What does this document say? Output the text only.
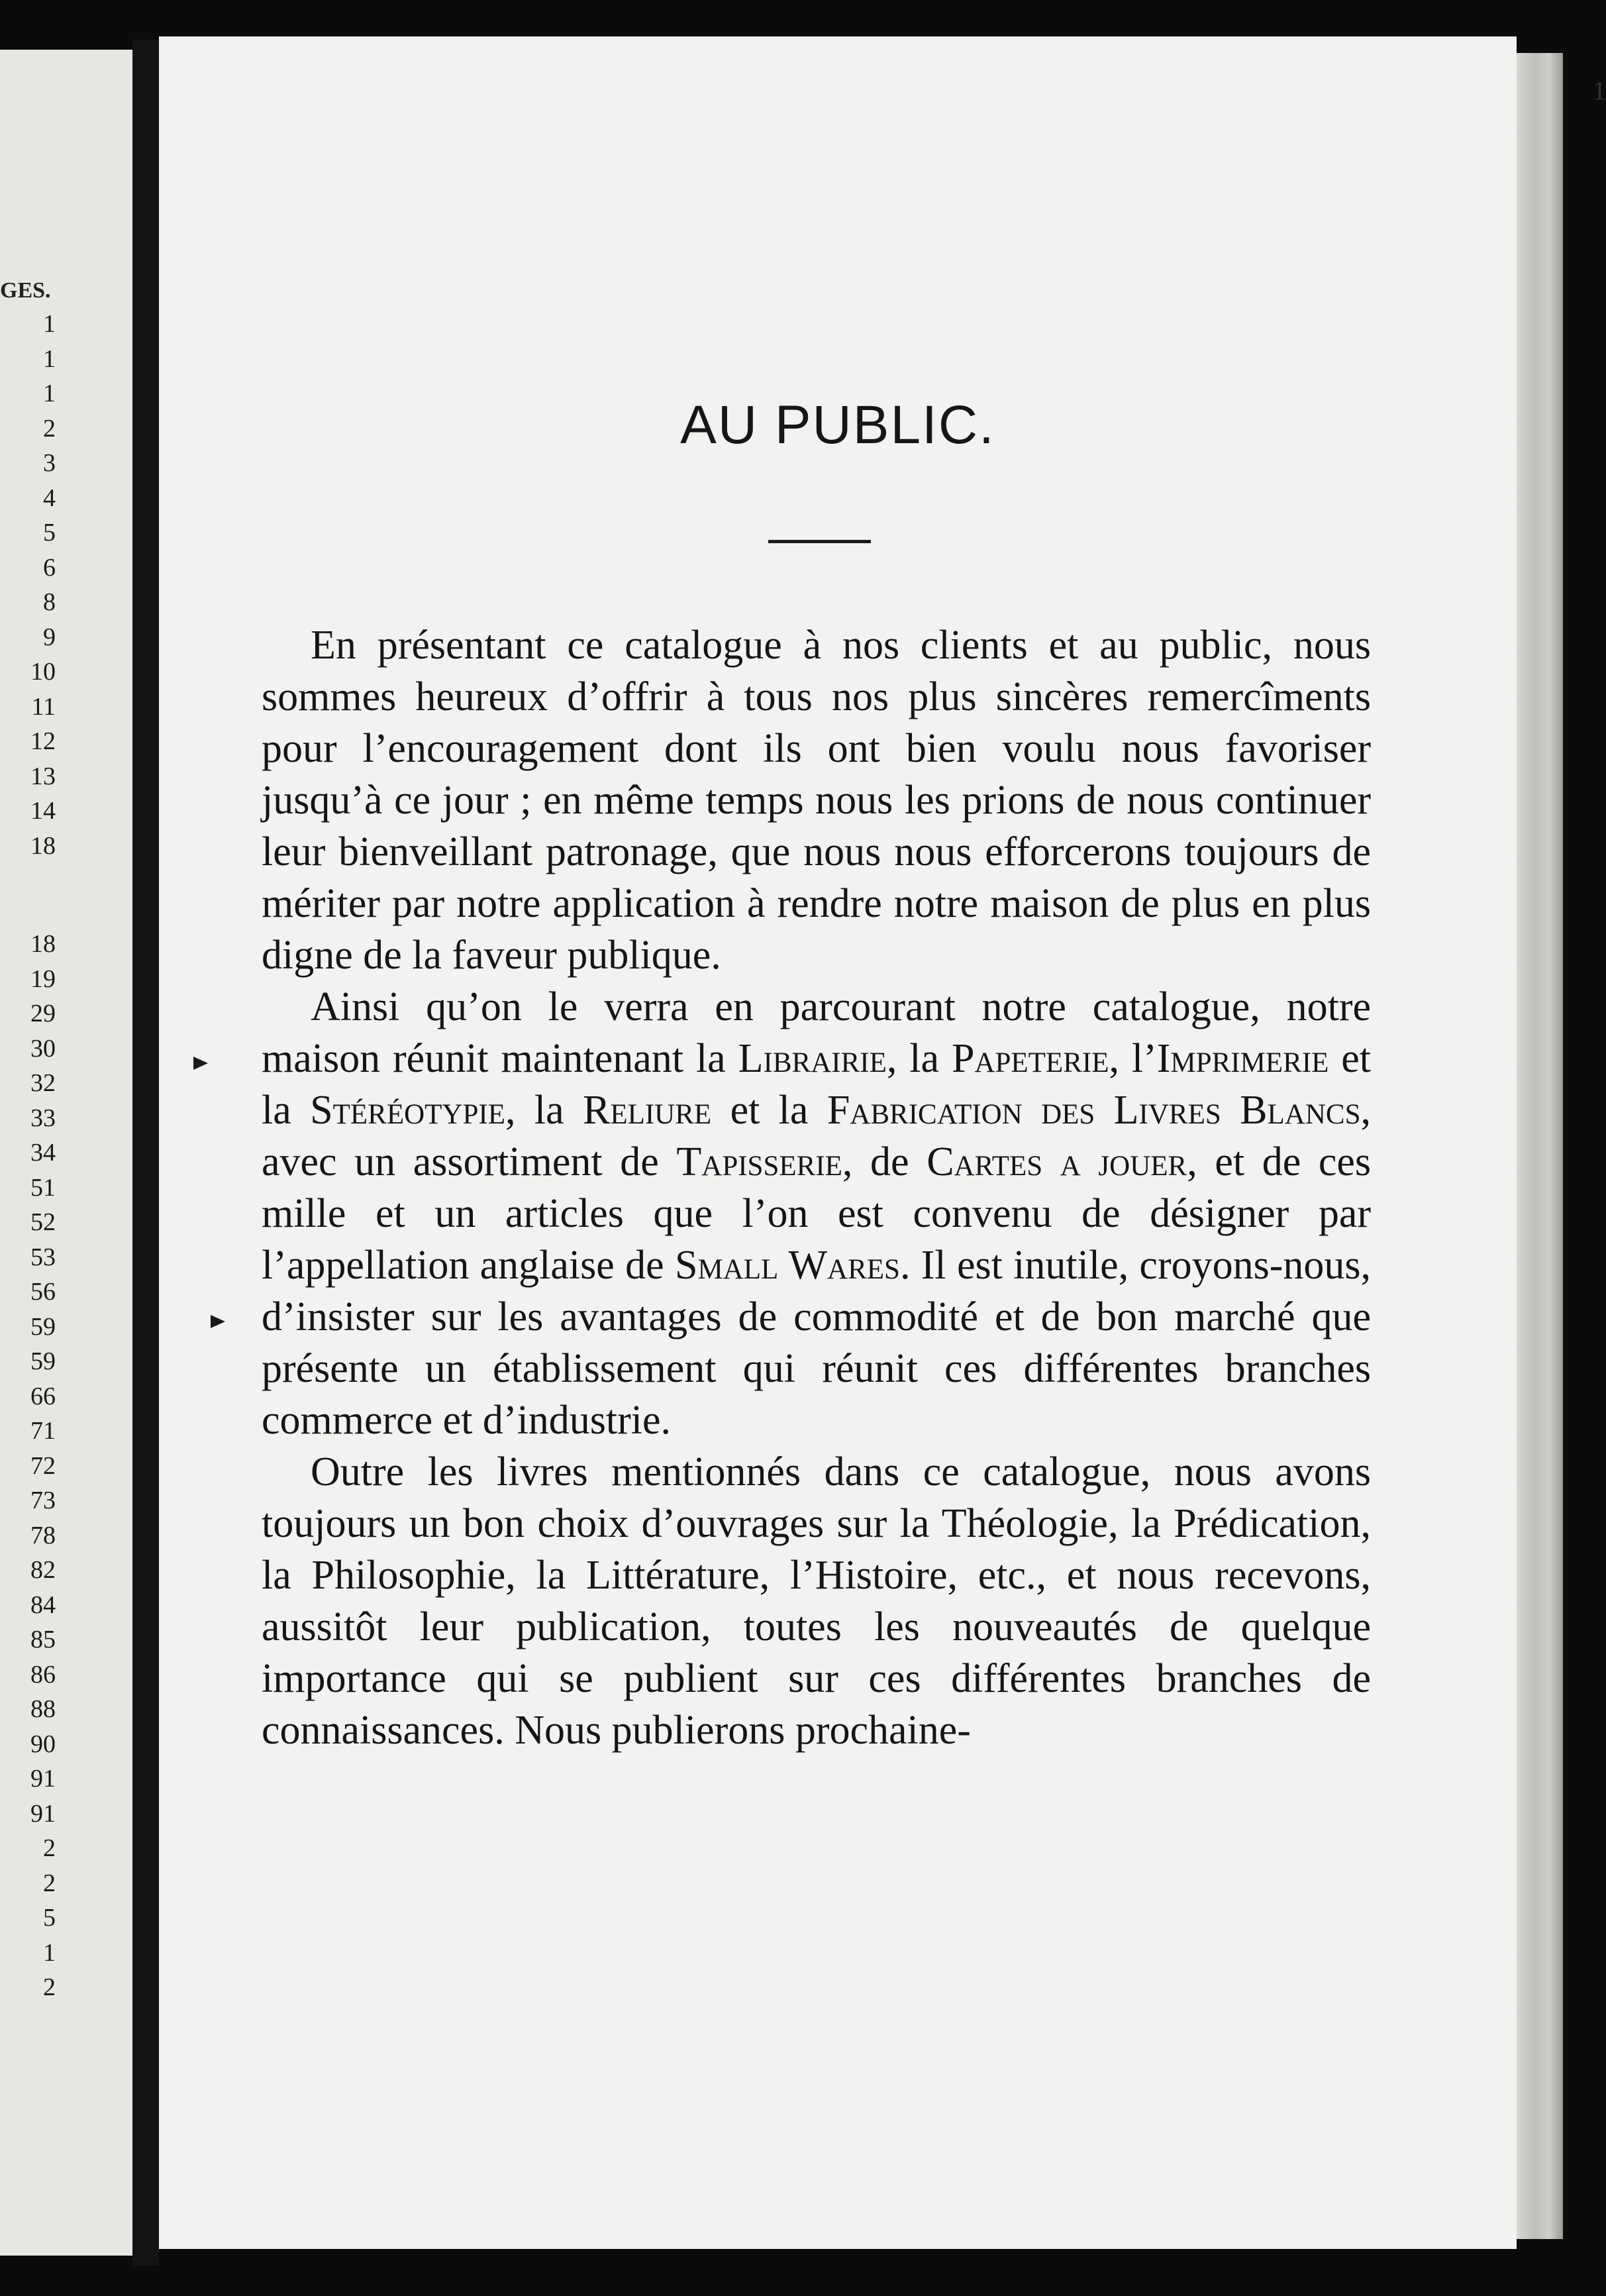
GES.
1
1
1
2
3
4
5
6
8
9
10
11
12
13
14
18
18
19
29
30
32
33
34
51
52
53
56
59
59
66
71
72
73
78
82
84
85
86
88
90
91
91
2
2
5
1
2
1
AU PUBLIC.

En présentant ce catalogue à nos clients et au public, nous sommes heureux d’offrir à tous nos plus sincères remercîments pour l’encouragement dont ils ont bien voulu nous favoriser jusqu’à ce jour ; en même temps nous les prions de nous continuer leur bienveillant patronage, que nous nous efforcerons toujours de mériter par notre application à rendre notre maison de plus en plus digne de la faveur publique.

Ainsi qu’on le verra en parcourant notre catalogue, notre maison réunit maintenant la Librairie, la Papeterie, l’Imprimerie et la Stéréotypie, la Reliure et la Fabrication des Livres Blancs, avec un assortiment de Tapisserie, de Cartes a jouer, et de ces mille et un articles que l’on est convenu de désigner par l’appellation anglaise de Small Wares. Il est inutile, croyons-nous, d’insister sur les avantages de commodité et de bon marché que présente un établissement qui réunit ces différentes branches commerce et d’industrie.

Outre les livres mentionnés dans ce catalogue, nous avons toujours un bon choix d’ouvrages sur la Théologie, la Prédication, la Philosophie, la Littérature, l’Histoire, etc., et nous recevons, aussitôt leur publication, toutes les nouveautés de quelque importance qui se publient sur ces différentes branches de connaissances. Nous publierons prochaine-
